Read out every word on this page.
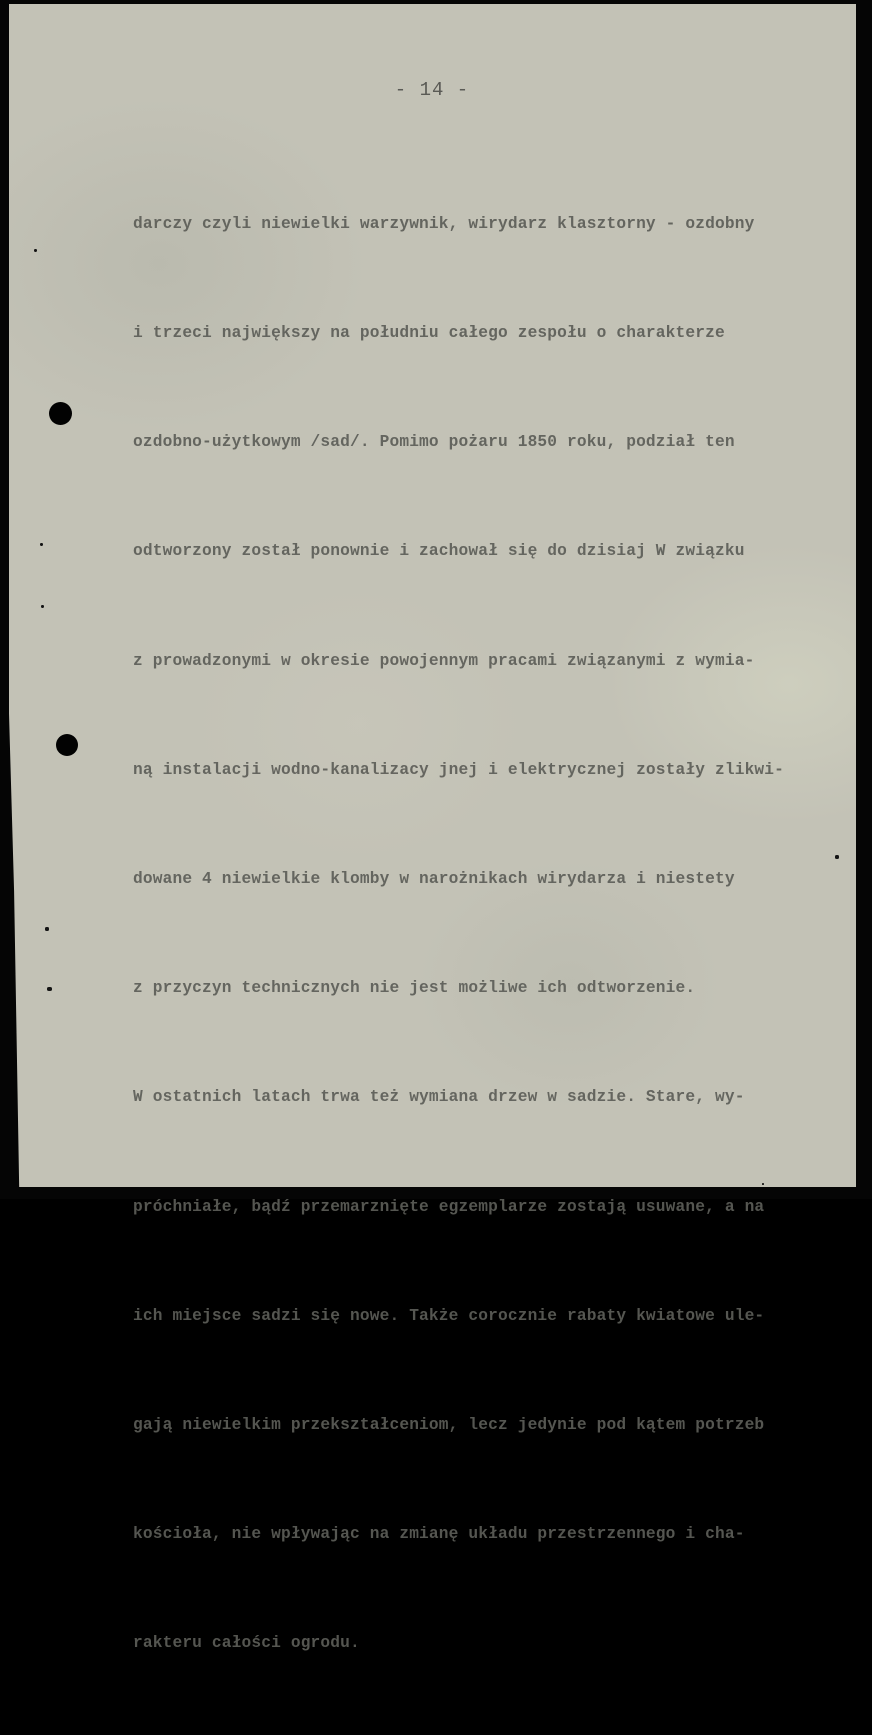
- 14 -

darczy czyli niewielki warzywnik, wirydarz klasztorny - ozdobny

i trzeci największy na południu całego zespołu o charakterze

ozdobno-użytkowym /sad/. Pomimo pożaru 1850 roku, podział ten

odtworzony został ponownie i zachował się do dzisiaj W związku

z prowadzonymi w okresie powojennym pracami związanymi z wymia-

ną instalacji wodno-kanalizacy jnej i elektrycznej zostały zlikwi-

dowane 4 niewielkie klomby w narożnikach wirydarza i niestety

z przyczyn technicznych nie jest możliwe ich odtworzenie.

W ostatnich latach trwa też wymiana drzew w sadzie. Stare, wy-

próchniałe, bądź przemarznięte egzemplarze zostają usuwane, a na

ich miejsce sadzi się nowe. Także corocznie rabaty kwiatowe ule-

gają niewielkim przekształceniom, lecz jedynie pod kątem potrzeb

kościoła, nie wpływając na zmianę układu przestrzennego i cha-

rakteru całości ogrodu.
